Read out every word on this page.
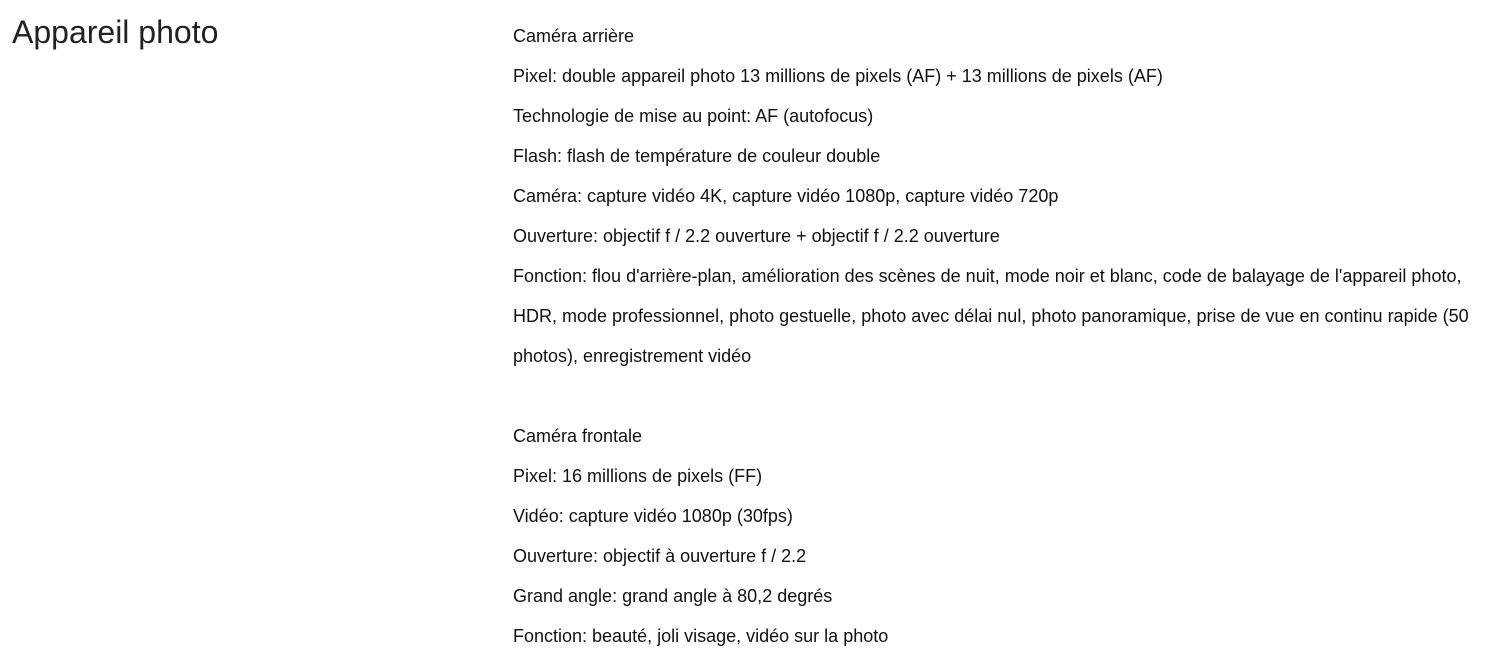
Appareil photo	Caméra arrière

Pixel: double appareil photo 13 millions de pixels (AF) + 13 millions de pixels (AF)

Technologie de mise au point: AF (autofocus)

Flash: flash de température de couleur double

Caméra: capture vidéo 4K, capture vidéo 1080p, capture vidéo 720p

Ouverture: objectif f / 2.2 ouverture + objectif f / 2.2 ouverture

Fonction: flou d'arrière-plan, amélioration des scènes de nuit, mode noir et blanc, code de balayage de l'appareil photo, HDR, mode professionnel, photo gestuelle, photo avec délai nul, photo panoramique, prise de vue en continu rapide (50 photos), enregistrement vidéo

Caméra frontale

Pixel: 16 millions de pixels (FF)

Vidéo: capture vidéo 1080p (30fps)

Ouverture: objectif à ouverture f / 2.2

Grand angle: grand angle à 80,2 degrés

Fonction: beauté, joli visage, vidéo sur la photo
